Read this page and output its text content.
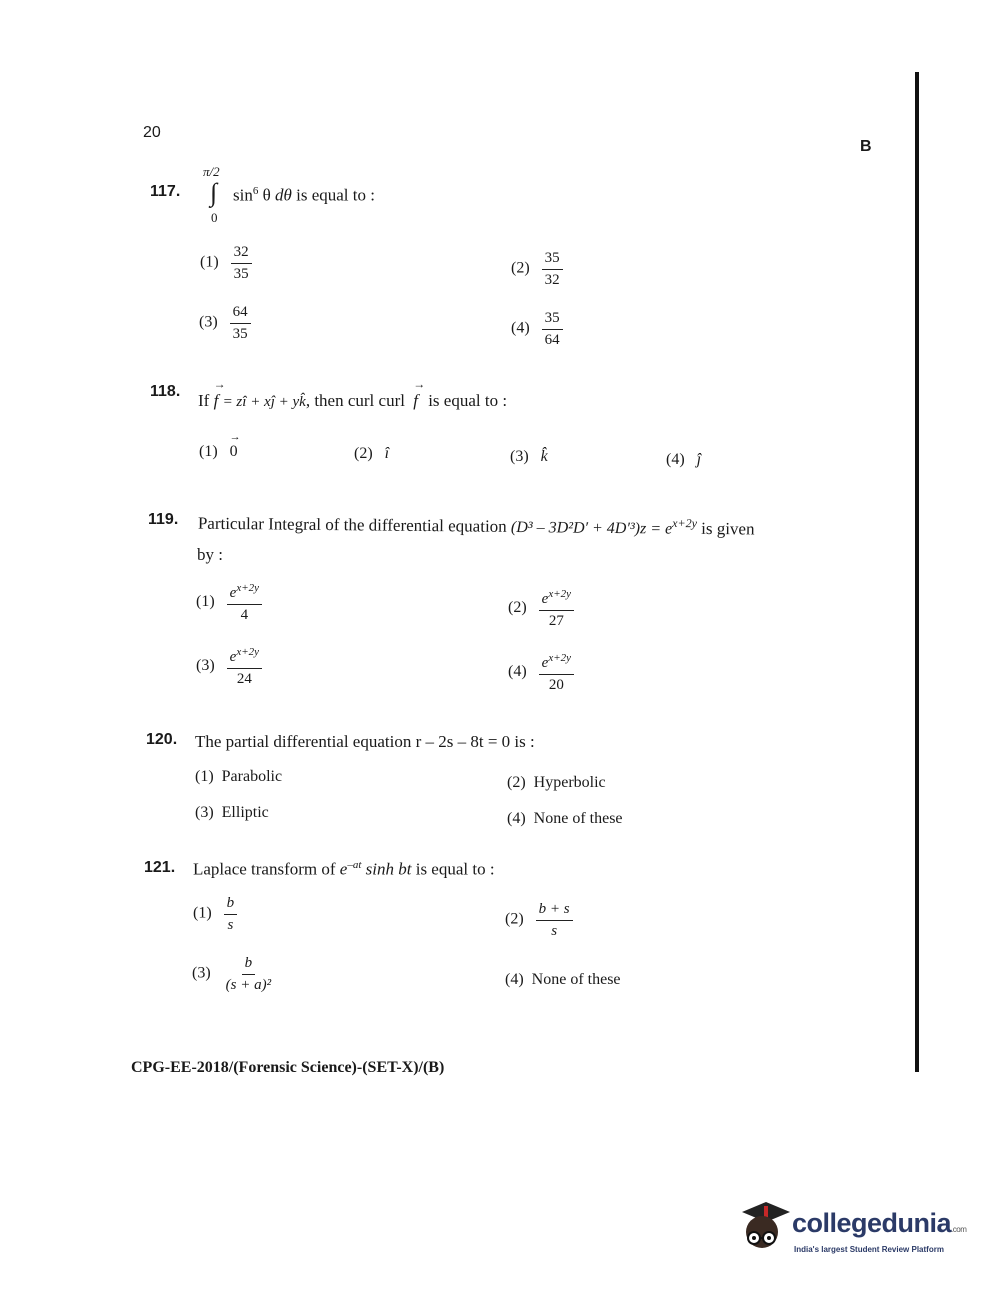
20
B
117.
π/2
∫
0
$\sin^6 \theta$ dθ is equal to :
$(1) \frac{32}{35}$	$(2) \frac{35}{32}$
$(3) \frac{64}{35}$	$(4) \frac{35}{64}$
118. If
→
f = zî + xĵ + yk̂, then curl curl
→
f is equal to :
(1)
→
0	(2) î	(3) k̂	(4) ĵ
119. Particular Integral of the differential equation $(D^3 - 3D^2D' + 4D'^3)z = e^{x+2y}$ is given
by :
$(1) \frac{e^{x+2y}}{4}$	$(2) \frac{e^{x+2y}}{27}$
$(3) \frac{e^{x+2y}}{24}$	$(4) \frac{e^{x+2y}}{20}$
120. The partial differential equation r – 2s – 8t = 0 is :
(1) Parabolic	(2) Hyperbolic
(3) Elliptic	(4) None of these
121. Laplace transform of $e^{-at}$ sinh bt is equal to :
$(1) \frac{b}{s}$	$(2) \frac{b + s}{s}$
$(3) \frac{b}{\text{(s + a)²}}$	(4) None of these
CPG-EE-2018/(Forensic Science)-(SET-X)/(B)
collegedunia.com
India's largest Student Review Platform
